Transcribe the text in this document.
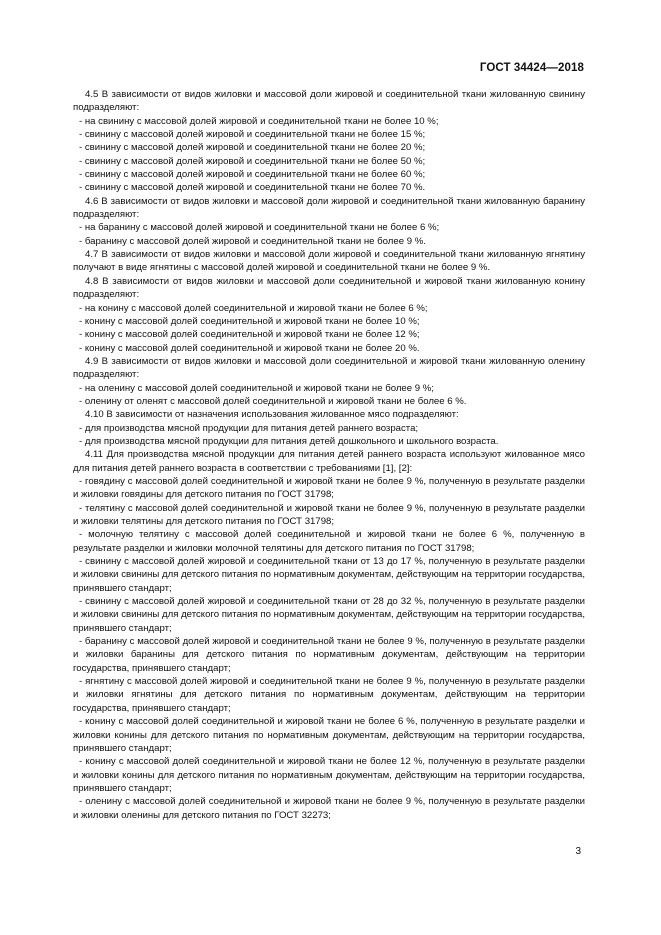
ГОСТ 34424—2018

4.5 В зависимости от видов жиловки и массовой доли жировой и соединительной ткани жилованную свинину подразделяют:

- на свинину с массовой долей жировой и соединительной ткани не более 10 %;

- свинину с массовой долей жировой и соединительной ткани не более 15 %;

- свинину с массовой долей жировой и соединительной ткани не более 20 %;

- свинину с массовой долей жировой и соединительной ткани не более 50 %;

- свинину с массовой долей жировой и соединительной ткани не более 60 %;

- свинину с массовой долей жировой и соединительной ткани не более 70 %.

4.6 В зависимости от видов жиловки и массовой доли жировой и соединительной ткани жилованную баранину подразделяют:

- на баранину с массовой долей жировой и соединительной ткани не более 6 %;

- баранину с массовой долей жировой и соединительной ткани не более 9 %.

4.7 В зависимости от видов жиловки и массовой доли жировой и соединительной ткани жилованную ягнятину получают в виде ягнятины с массовой долей жировой и соединительной ткани не более 9 %.

4.8 В зависимости от видов жиловки и массовой доли соединительной и жировой ткани жилованную конину подразделяют:

- на конину с массовой долей соединительной и жировой ткани не более 6 %;

- конину с массовой долей соединительной и жировой ткани не более 10 %;

- конину с массовой долей соединительной и жировой ткани не более 12 %;

- конину с массовой долей соединительной и жировой ткани не более 20 %.

4.9 В зависимости от видов жиловки и массовой доли соединительной и жировой ткани жилованную оленину подразделяют:

- на оленину с массовой долей соединительной и жировой ткани не более 9 %;

- оленину от оленят с массовой долей соединительной и жировой ткани не более 6 %.

4.10 В зависимости от назначения использования жилованное мясо подразделяют:

- для производства мясной продукции для питания детей раннего возраста;

- для производства мясной продукции для питания детей дошкольного и школьного возраста.

4.11 Для производства мясной продукции для питания детей раннего возраста используют жилованное мясо для питания детей раннего возраста в соответствии с требованиями [1], [2]:

- говядину с массовой долей соединительной и жировой ткани не более 9 %, полученную в результате разделки и жиловки говядины для детского питания по ГОСТ 31798;

- телятину с массовой долей соединительной и жировой ткани не более 9 %, полученную в результате разделки и жиловки телятины для детского питания по ГОСТ 31798;

- молочную телятину с массовой долей соединительной и жировой ткани не более 6 %, полученную в результате разделки и жиловки молочной телятины для детского питания по ГОСТ 31798;

- свинину с массовой долей жировой и соединительной ткани от 13 до 17 %, полученную в результате разделки и жиловки свинины для детского питания по нормативным документам, действующим на территории государства, принявшего стандарт;

- свинину с массовой долей жировой и соединительной ткани от 28 до 32 %, полученную в результате разделки и жиловки свинины для детского питания по нормативным документам, действующим на территории государства, принявшего стандарт;

- баранину с массовой долей жировой и соединительной ткани не более 9 %, полученную в результате разделки и жиловки баранины для детского питания по нормативным документам, действующим на территории государства, принявшего стандарт;

- ягнятину с массовой долей жировой и соединительной ткани не более 9 %, полученную в результате разделки и жиловки ягнятины для детского питания по нормативным документам, действующим на территории государства, принявшего стандарт;

- конину с массовой долей соединительной и жировой ткани не более 6 %, полученную в результате разделки и жиловки конины для детского питания по нормативным документам, действующим на территории государства, принявшего стандарт;

- конину с массовой долей соединительной и жировой ткани не более 12 %, полученную в результате разделки и жиловки конины для детского питания по нормативным документам, действующим на территории государства, принявшего стандарт;

- оленину с массовой долей соединительной и жировой ткани не более 9 %, полученную в результате разделки и жиловки оленины для детского питания по ГОСТ 32273;

3
